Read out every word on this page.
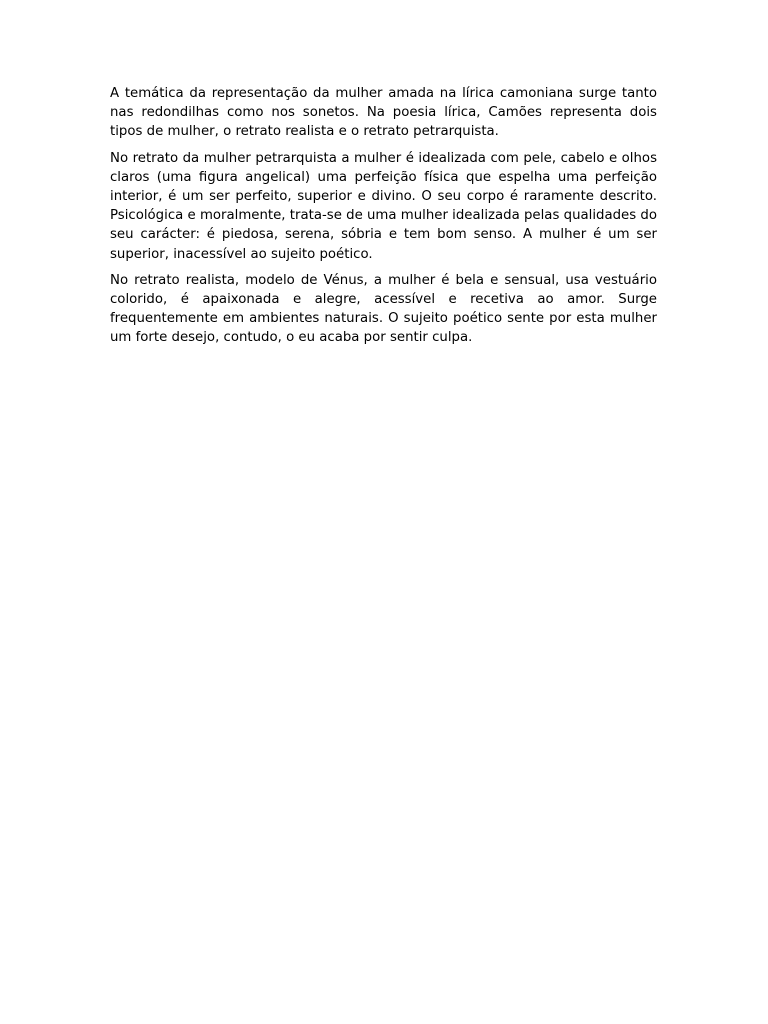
A temática da representação da mulher amada na lírica camoniana surge tanto nas redondilhas como nos sonetos. Na poesia lírica, Camões representa dois tipos de mulher, o retrato realista e o retrato petrarquista.

No retrato da mulher petrarquista a mulher é idealizada com pele, cabelo e olhos claros (uma figura angelical) uma perfeição física que espelha uma perfeição interior, é um ser perfeito, superior e divino. O seu corpo é raramente descrito. Psicológica e moralmente, trata-se de uma mulher idealizada pelas qualidades do seu carácter: é piedosa, serena, sóbria e tem bom senso. A mulher é um ser superior, inacessível ao sujeito poético.

No retrato realista, modelo de Vénus, a mulher é bela e sensual, usa vestuário colorido, é apaixonada e alegre, acessível e recetiva ao amor. Surge frequentemente em ambientes naturais. O sujeito poético sente por esta mulher um forte desejo, contudo, o eu acaba por sentir culpa.
